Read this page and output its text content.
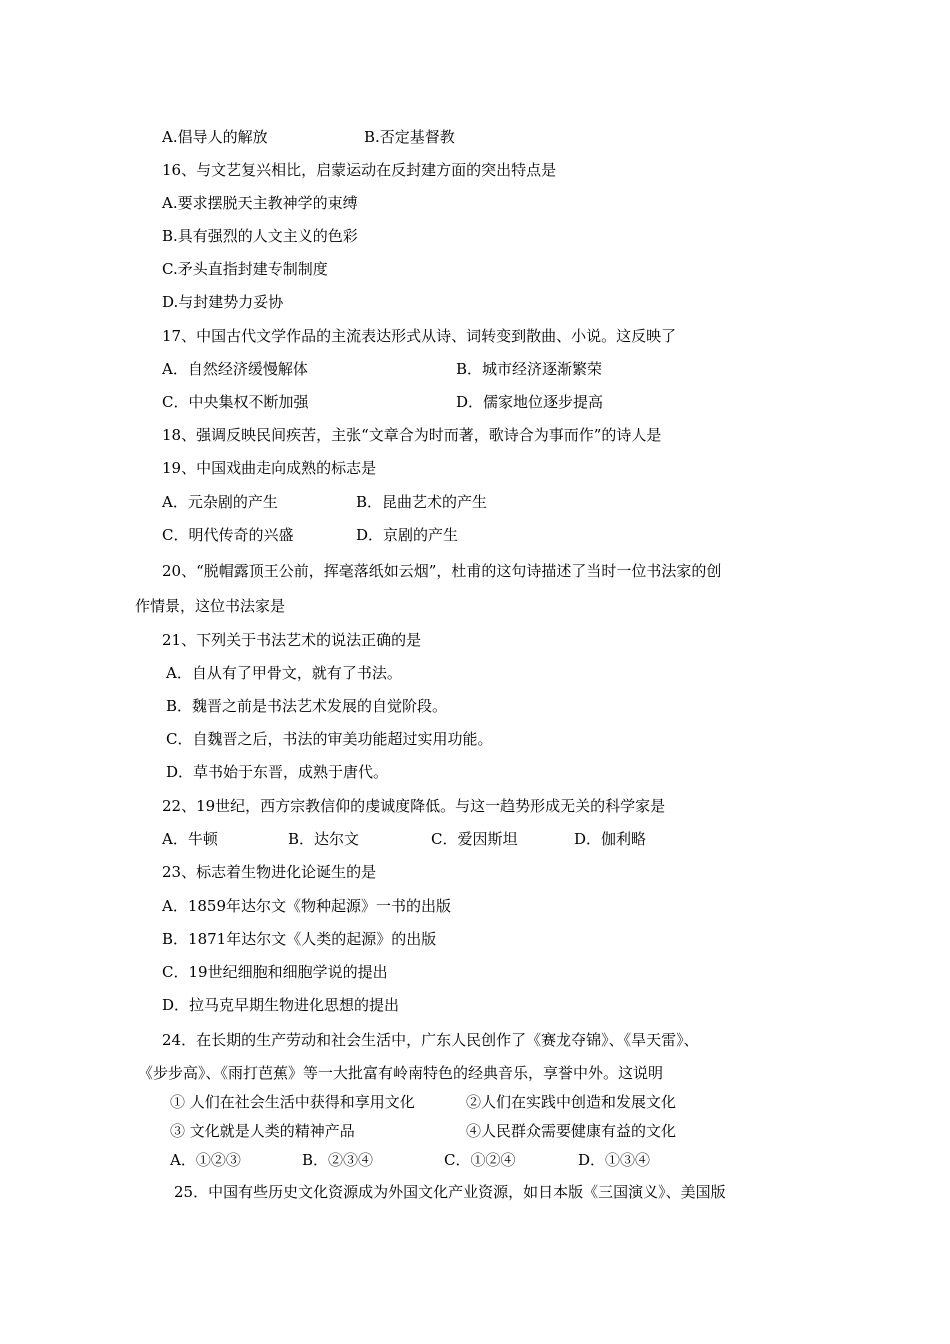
A.倡导人的解放	B.否定基督教
16、与文艺复兴相比，启蒙运动在反封建方面的突出特点是
A.要求摆脱天主教神学的束缚
B.具有强烈的人文主义的色彩
C.矛头直指封建专制制度
D.与封建势力妥协
17、中国古代文学作品的主流表达形式从诗、词转变到散曲、小说。这反映了
A．自然经济缓慢解体	B．城市经济逐渐繁荣
C．中央集权不断加强	D．儒家地位逐步提高
18、强调反映民间疾苦，主张“文章合为时而著，歌诗合为事而作”的诗人是
19、中国戏曲走向成熟的标志是
A．元杂剧的产生	B．昆曲艺术的产生
C．明代传奇的兴盛	D．京剧的产生
20、“脱帽露顶王公前，挥毫落纸如云烟”，杜甫的这句诗描述了当时一位书法家的创
作情景，这位书法家是
21、下列关于书法艺术的说法正确的是
A．自从有了甲骨文，就有了书法。
B．魏晋之前是书法艺术发展的自觉阶段。
C．自魏晋之后，书法的审美功能超过实用功能。
D．草书始于东晋，成熟于唐代。
22、19世纪，西方宗教信仰的虔诚度降低。与这一趋势形成无关的科学家是
A．牛顿	B．达尔文	C．爱因斯坦	D．伽利略
23、标志着生物进化论诞生的是
A．1859年达尔文《物种起源》一书的出版
B．1871年达尔文《人类的起源》的出版
C．19世纪细胞和细胞学说的提出
D．拉马克早期生物进化思想的提出
24．在长期的生产劳动和社会生活中，广东人民创作了《赛龙夺锦》、《旱天雷》、
《步步高》、《雨打芭蕉》等一大批富有岭南特色的经典音乐，享誉中外。这说明
① 人们在社会生活中获得和享用文化	②人们在实践中创造和发展文化
③ 文化就是人类的精神产品	④人民群众需要健康有益的文化
A．①②③	B．②③④	C．①②④	D．①③④
25．中国有些历史文化资源成为外国文化产业资源，如日本版《三国演义》、美国版
